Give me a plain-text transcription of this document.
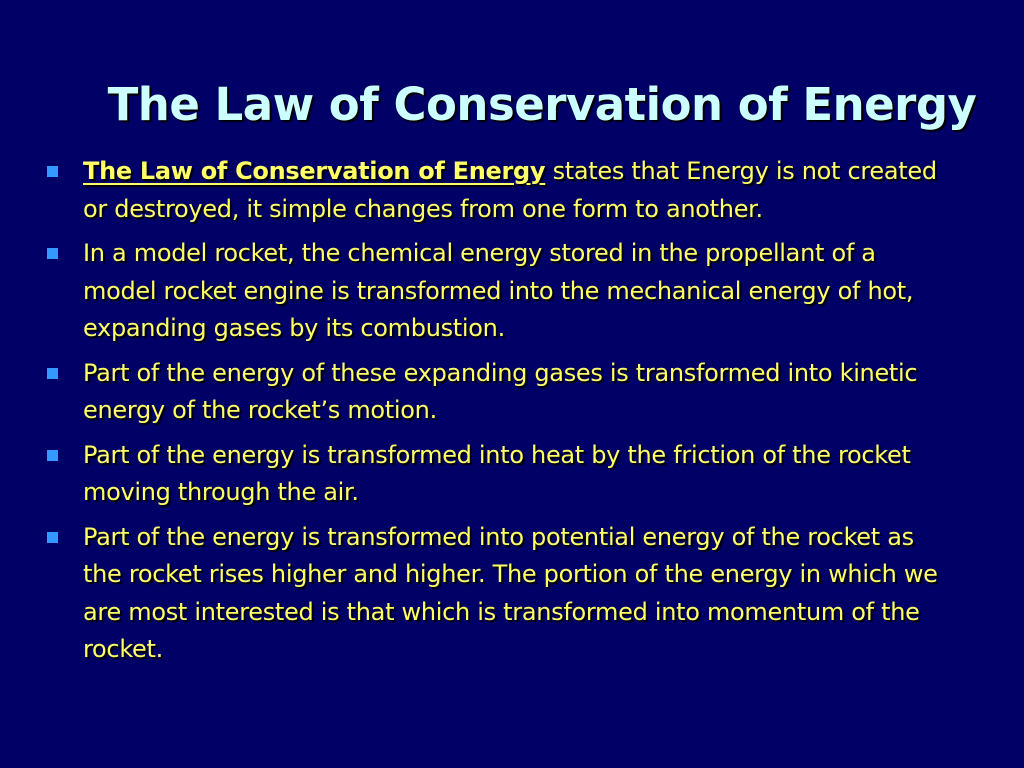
The Law of Conservation of Energy
The Law of Conservation of Energy states that Energy is not created or destroyed, it simple changes from one form to another.
In a model rocket, the chemical energy stored in the propellant of a model rocket engine is transformed into the mechanical energy of hot, expanding gases by its combustion.
Part of the energy of these expanding gases is transformed into kinetic energy of the rocket’s motion.
Part of the energy is transformed into heat by the friction of the rocket moving through the air.
Part of the energy is transformed into potential energy of the rocket as the rocket rises higher and higher. The portion of the energy in which we are most interested is that which is transformed into momentum of the rocket.
